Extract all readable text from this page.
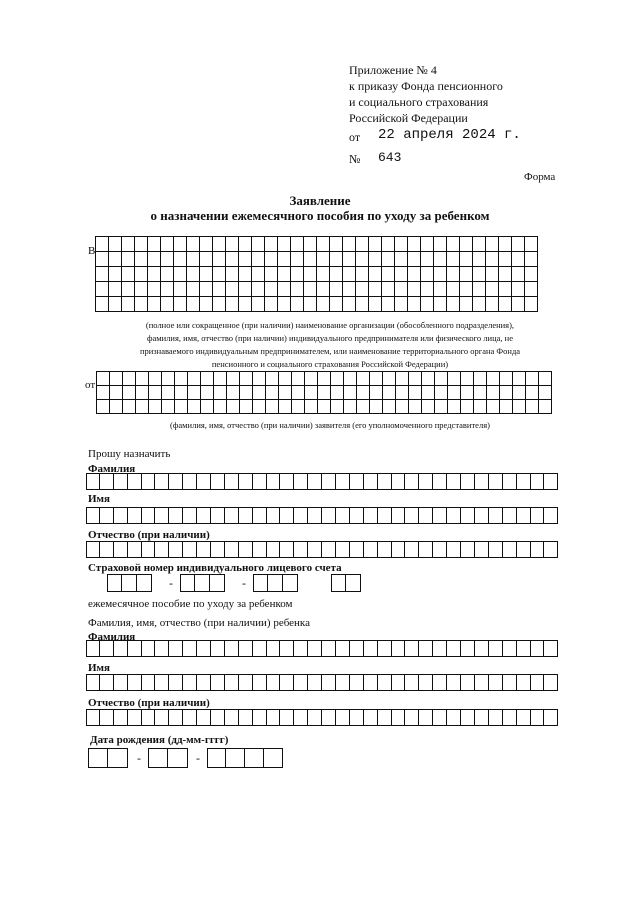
Приложение № 4
к приказу Фонда пенсионного
и социального страхования
Российской Федерации
от 22 апреля 2024 г.
№ 643
Форма
Заявление
о назначении ежемесячного пособия по уходу за ребенком
В

(полное или сокращенное (при наличии) наименование организации (обособленного подразделения),
фамилия, имя, отчество (при наличии) индивидуального предпринимателя или физического лица, не
признаваемого индивидуальным предпринимателем, или наименование территориального органа Фонда
пенсионного и социального страхования Российской Федерации)
от

(фамилия, имя, отчество (при наличии) заявителя (его уполномоченного представителя)
Прошу назначить
Фамилия
Имя
Отчество (при наличии)
Страховой номер индивидуального лицевого счета
-	-
ежемесячное пособие по уходу за ребенком
Фамилия, имя, отчество (при наличии) ребенка
Фамилия
Имя
Отчество (при наличии)
Дата рождения (дд-мм-гггг)
-	-
